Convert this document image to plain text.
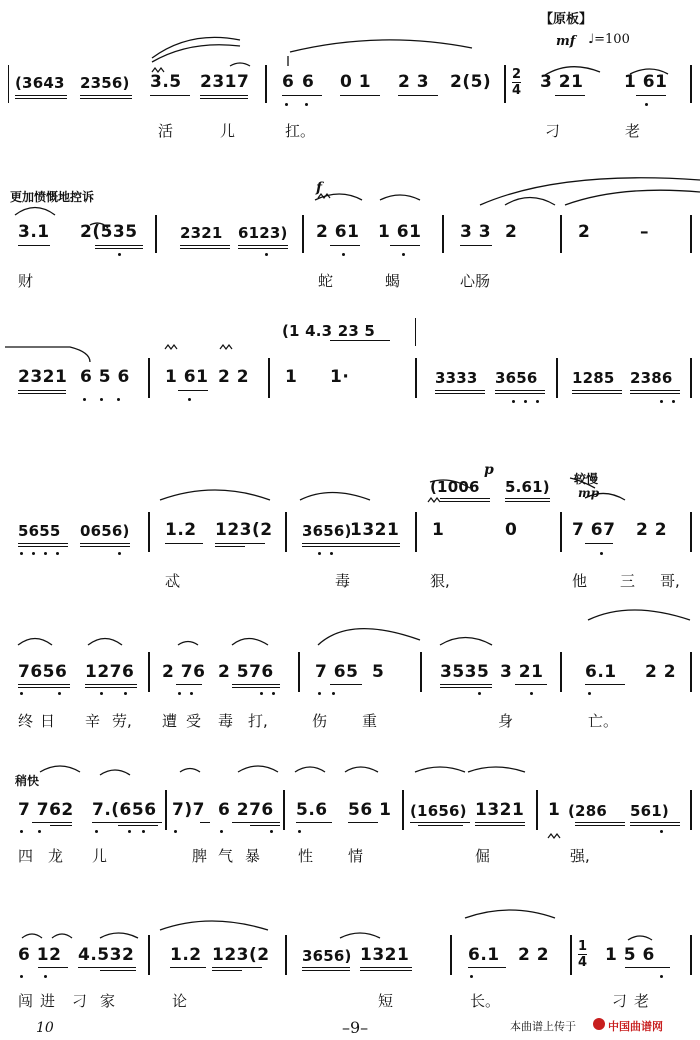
【原板】
mf ♩=100
(3643 2356) 3.5 2317 6 6 0 1 2 3 2(5) 2
4 3 21 1 61
活	儿	扛。	刁	老
更加愤慨地控诉
f
3.1 2(535	2321 6123) 2 61 1 61 3 3 2	2	–
财	蛇	蝎	心肠
(1 4.3 23 5
2321 6 5 6 1 61 2 2 1 1·	3333 3656 1285 2386
(1006 5.61)
p
较慢
mp
5655 0656) 1.2 123(2 3656)
1321 1	0	7 67 2 2
忒	毒	狠,	他 三 哥,
7656 1276 2 76 2 576 7 65 5	3535 3 21 6.1 2 2
终 日 辛 劳, 遭 受 毒 打,	伤 重	身	亡。
稍快
7 762 7.(656 7)7 6 276 5.6 56 1 (1656) 1321 1 (286 561)
四 龙 儿	脾 气 暴	性 情	倔	强,
6 12 4.532 1.2 123(2 3656) 1321	6.1 2 2 1
4 1 5 6
闯 进 刁 家	论	短	长。	刁 老
10	–9–	本曲谱上传于	中国曲谱网
